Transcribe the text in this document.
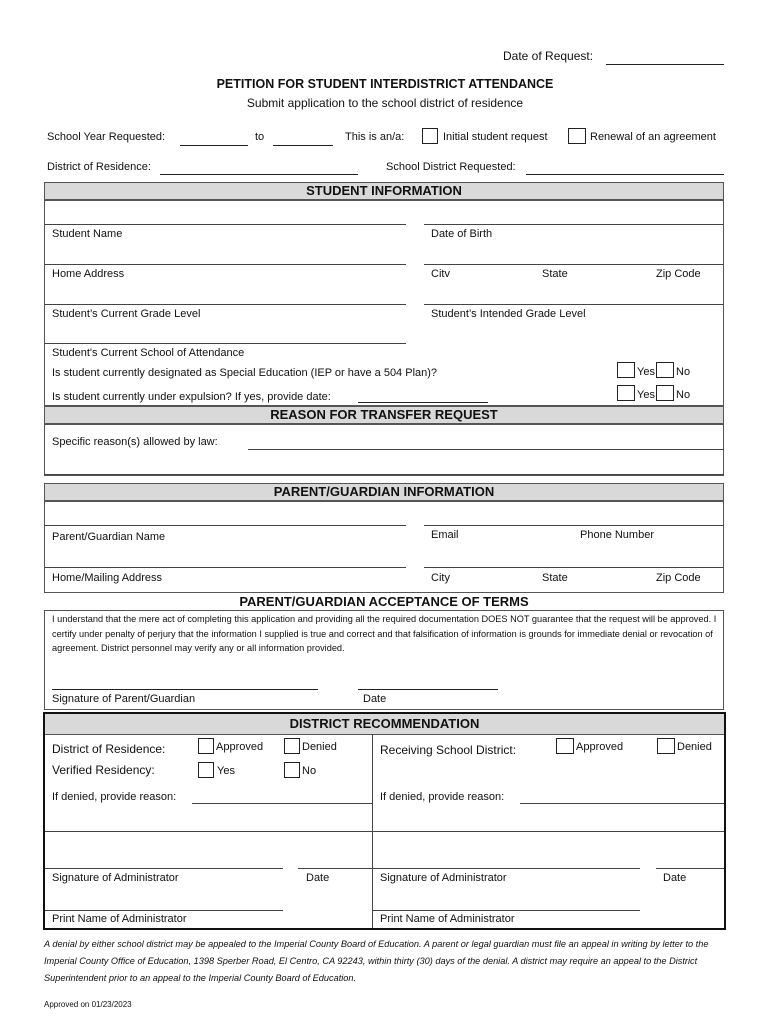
Date of Request:
PETITION FOR STUDENT INTERDISTRICT ATTENDANCE
Submit application to the school district of residence
School Year Requested:	to	This is an/a:	Initial student request	Renewal of an agreement
District of Residence:	School District Requested:
STUDENT INFORMATION
Student Name	Date of Birth
Home Address	Citv	State	Zip Code
Student’s Current Grade Level	Student’s Intended Grade Level
Student's Current School of Attendance
Is student currently designated as Special Education (IEP or have a 504 Plan)?	Yes No
Is student currently under expulsion? If yes, provide date:	Yes No
REASON FOR TRANSFER REQUEST
Specific reason(s) allowed by law:
PARENT/GUARDIAN INFORMATION
Parent/Guardian Name	Email	Phone Number
Home/Mailing Address	City	State	Zip Code
PARENT/GUARDIAN ACCEPTANCE OF TERMS
I understand that the mere act of completing this application and providing all the required documentation DOES NOT guarantee that the request will be approved. I certify under penalty of perjury that the information I supplied is true and correct and that falsification of information is grounds for immediate denial or revocation of agreement. District personnel may verify any or all information provided.
Signature of Parent/Guardian	Date
DISTRICT RECOMMENDATION
District of Residence:	Approved	Denied
Verified Residency:	Yes	No
Receiving School District:	Approved	Denied
If denied, provide reason:	If denied, provide reason:
Signature of Administrator	Date	Signature of Administrator	Date
Print Name of Administrator	Print Name of Administrator
A denial by either school district may be appealed to the Imperial County Board of Education. A parent or legal guardian must file an appeal in writing by letter to the Imperial County Office of Education, 1398 Sperber Road, El Centro, CA 92243, within thirty (30) days of the denial. A district may require an appeal to the District Superintendent prior to an appeal to the Imperial County Board of Education.
Approved on 01/23/2023
